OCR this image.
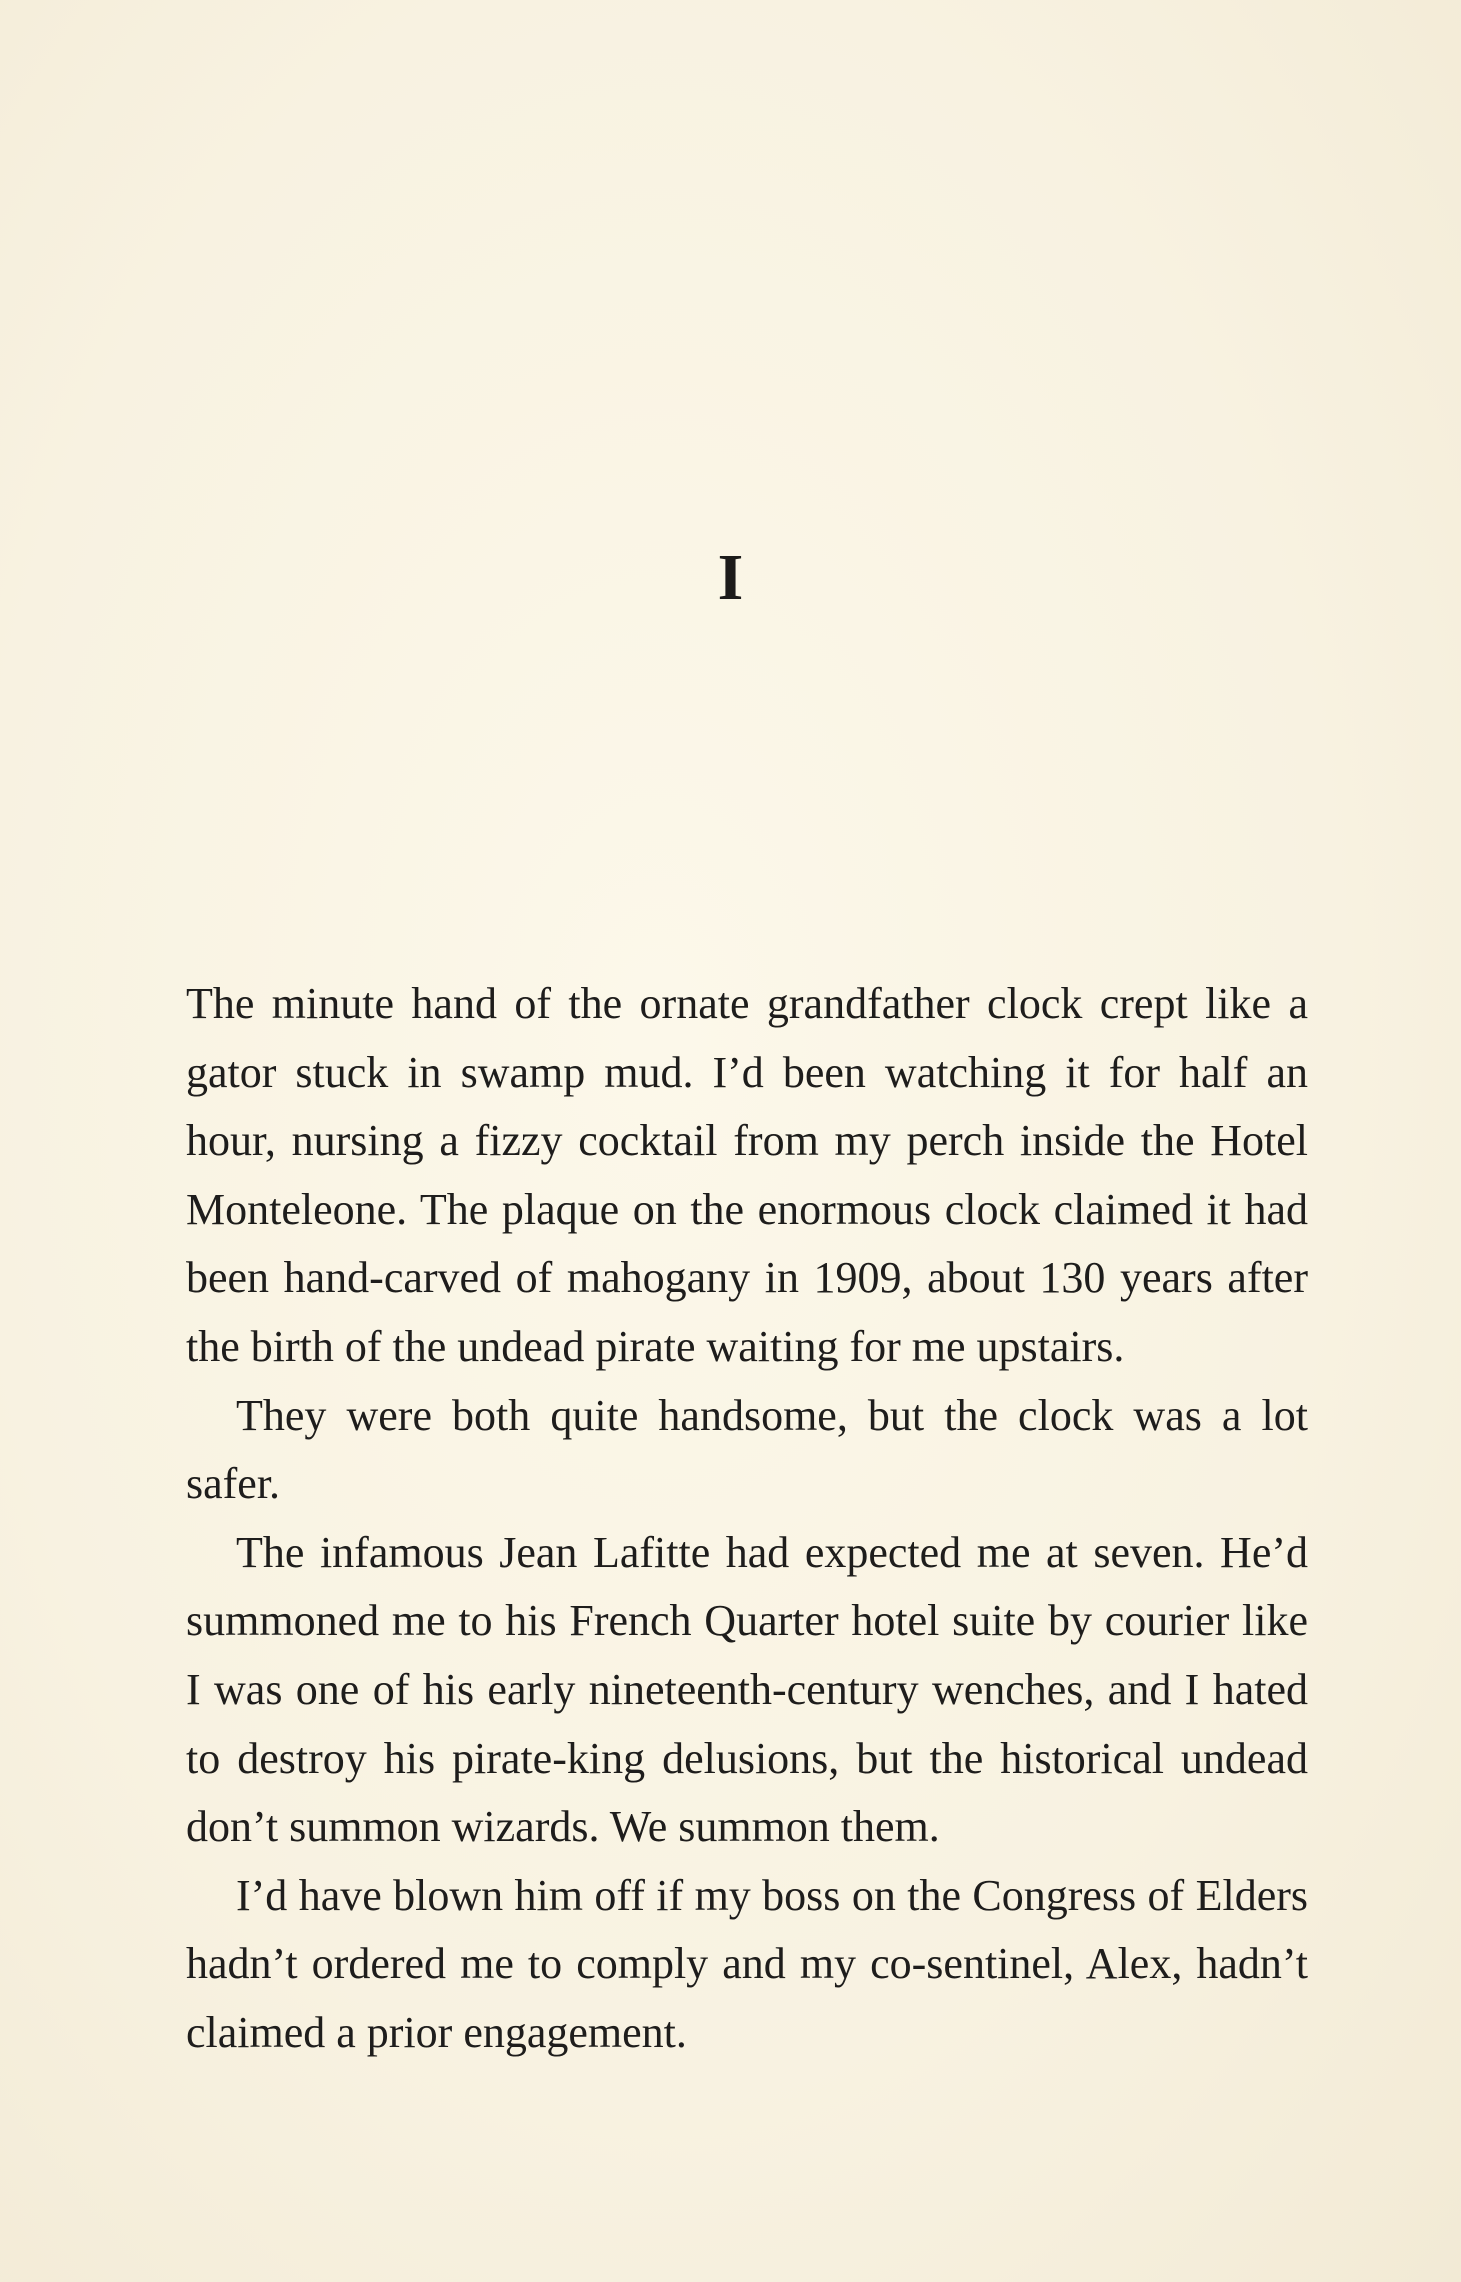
I

The minute hand of the ornate grandfather clock crept like a gator stuck in swamp mud. I’d been watching it for half an hour, nursing a fizzy cocktail from my perch inside the Hotel Monteleone. The plaque on the enormous clock claimed it had been hand-carved of mahogany in 1909, about 130 years after the birth of the undead pirate waiting for me upstairs.

They were both quite handsome, but the clock was a lot safer.

The infamous Jean Lafitte had expected me at seven. He’d summoned me to his French Quarter hotel suite by courier like I was one of his early nineteenth-century wenches, and I hated to destroy his pirate-king delusions, but the historical undead don’t summon wizards. We summon them.

I’d have blown him off if my boss on the Congress of Elders hadn’t ordered me to comply and my co-sentinel, Alex, hadn’t claimed a prior engagement.
